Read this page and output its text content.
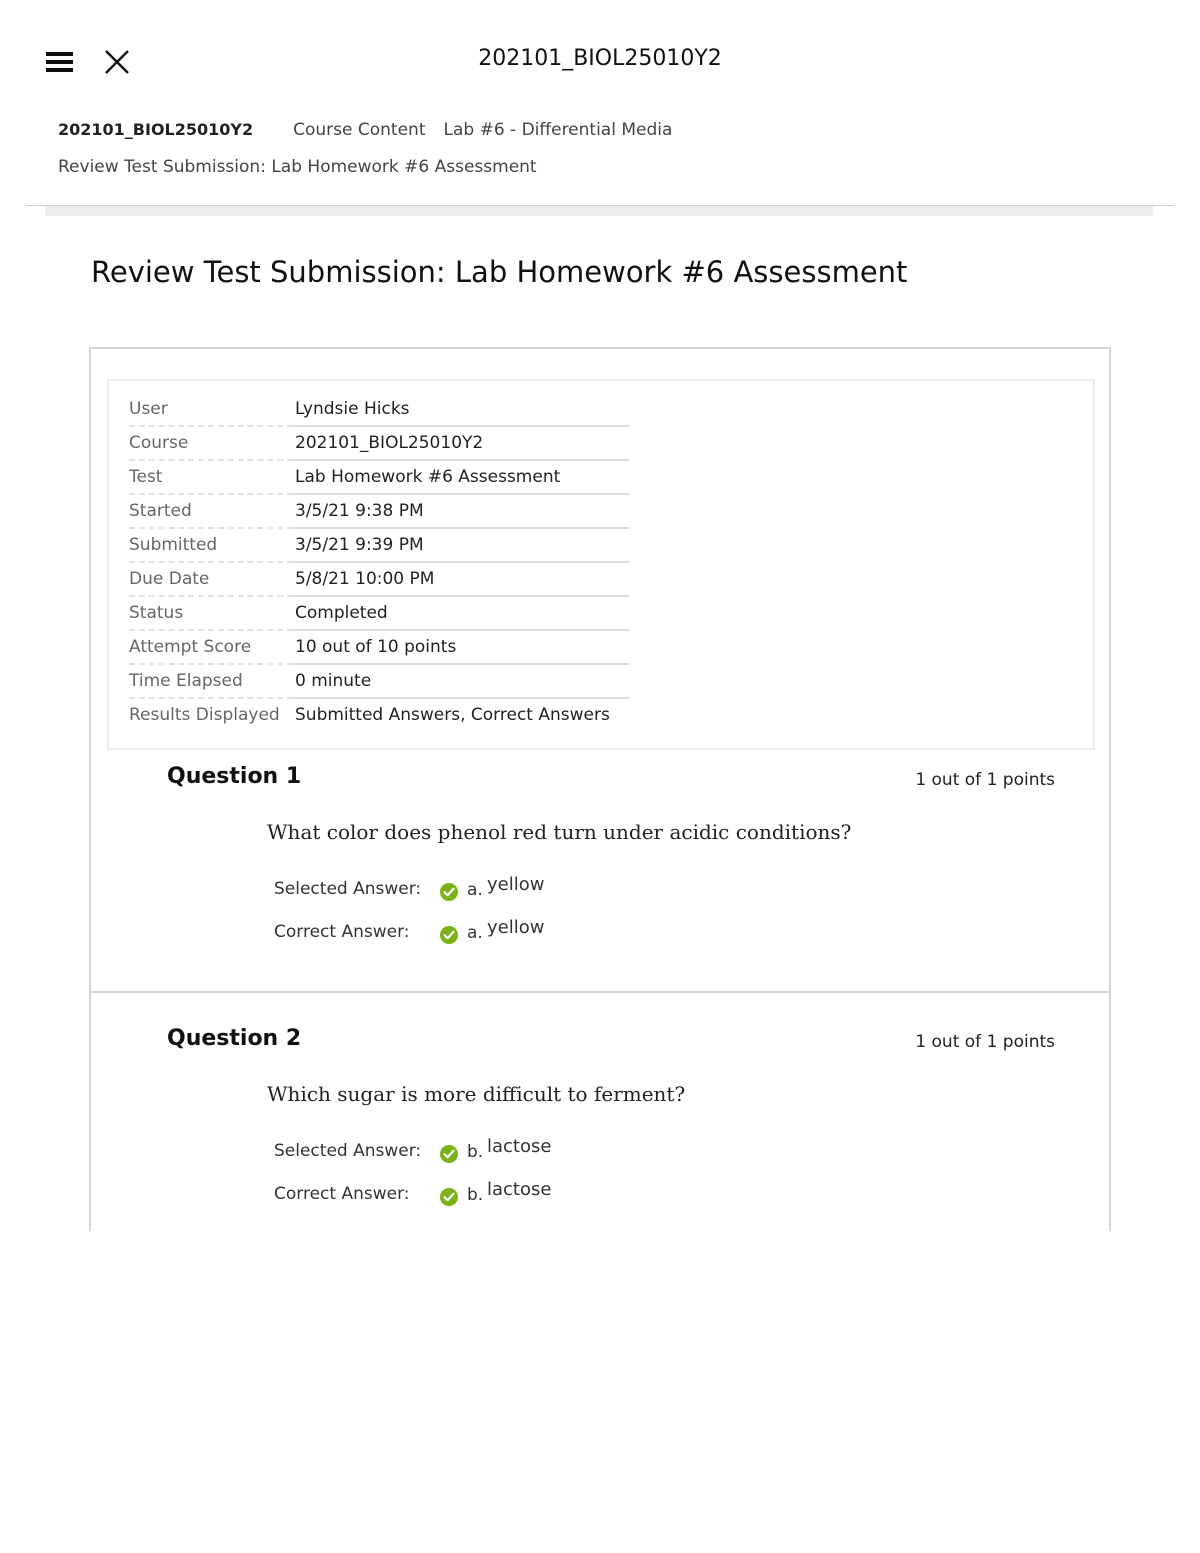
202101_BIOL25010Y2
202101_BIOL25010Y2 Course Content Lab #6 - Differential Media
Review Test Submission: Lab Homework #6 Assessment
Review Test Submission: Lab Homework #6 Assessment
User	Lyndsie Hicks
Course	202101_BIOL25010Y2
Test	Lab Homework #6 Assessment
Started	3/5/21 9:38 PM
Submitted	3/5/21 9:39 PM
Due Date	5/8/21 10:00 PM
Status	Completed
Attempt Score	10 out of 10 points
Time Elapsed	0 minute
Results Displayed	Submitted Answers, Correct Answers
Question 1	1 out of 1 points
What color does phenol red turn under acidic conditions?
Selected Answer:	a. yellow
Correct Answer:	a. yellow
Question 2	1 out of 1 points
Which sugar is more difficult to ferment?
Selected Answer:	b. lactose
Correct Answer:	b. lactose
